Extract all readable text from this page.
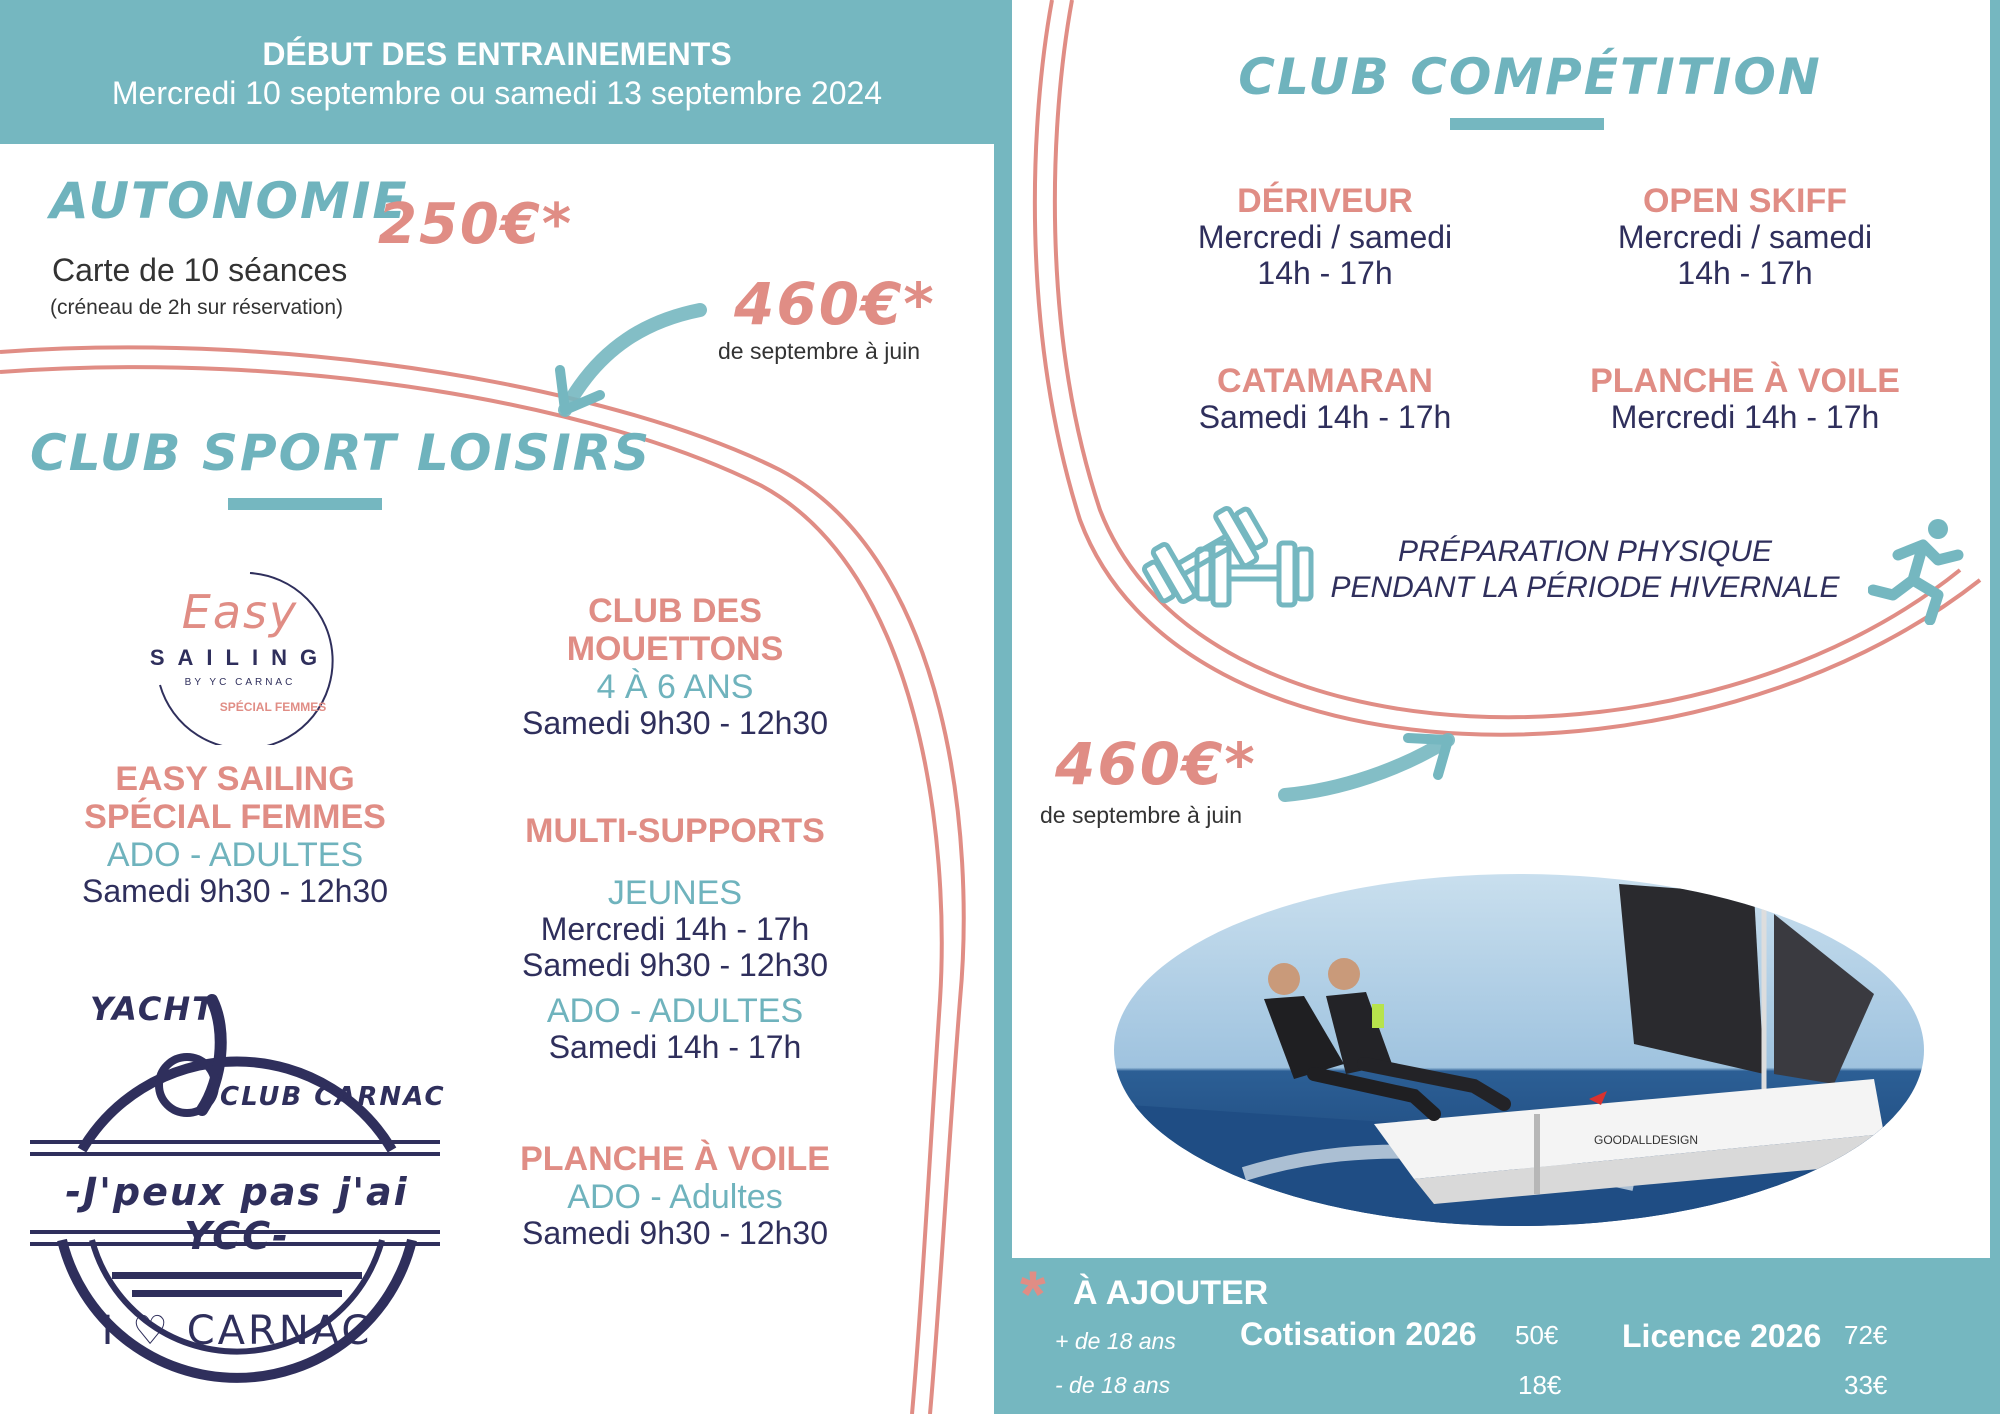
DÉBUT DES ENTRAINEMENTS
Mercredi 10 septembre ou samedi 13 septembre 2024
AUTONOMIE
250€*
Carte de 10 séances
(créneau de 2h sur réservation)	460€*
de septembre à juin
CLUB SPORT LOISIRS
Easy
SAILING
BY YC CARNAC
SPÉCIAL FEMMES
EASY SAILING
SPÉCIAL FEMMES
ADO - ADULTES
Samedi 9h30 - 12h30
CLUB DES
MOUETTONS
4 À 6 ANS
Samedi 9h30 - 12h30
MULTI-SUPPORTS
JEUNES
Mercredi 14h - 17h
Samedi 9h30 - 12h30
ADO - ADULTES
Samedi 14h - 17h
PLANCHE À VOILE
ADO - Adultes
Samedi 9h30 - 12h30
YACHT
CLUB CARNAC
-J'peux pas j'ai YCC-
I ♡ CARNAC
CLUB COMPÉTITION
DÉRIVEUR
Mercredi / samedi
14h - 17h
OPEN SKIFF
Mercredi / samedi
14h - 17h
CATAMARAN
Samedi 14h - 17h
PLANCHE À VOILE
Mercredi 14h - 17h
PRÉPARATION PHYSIQUE
PENDANT LA PÉRIODE HIVERNALE
460€*
de septembre à juin
GOODALLDESIGN
* À AJOUTER
+ de 18 ans
- de 18 ans
Cotisation 2026 50€
18€
Licence 2026 72€
33€
